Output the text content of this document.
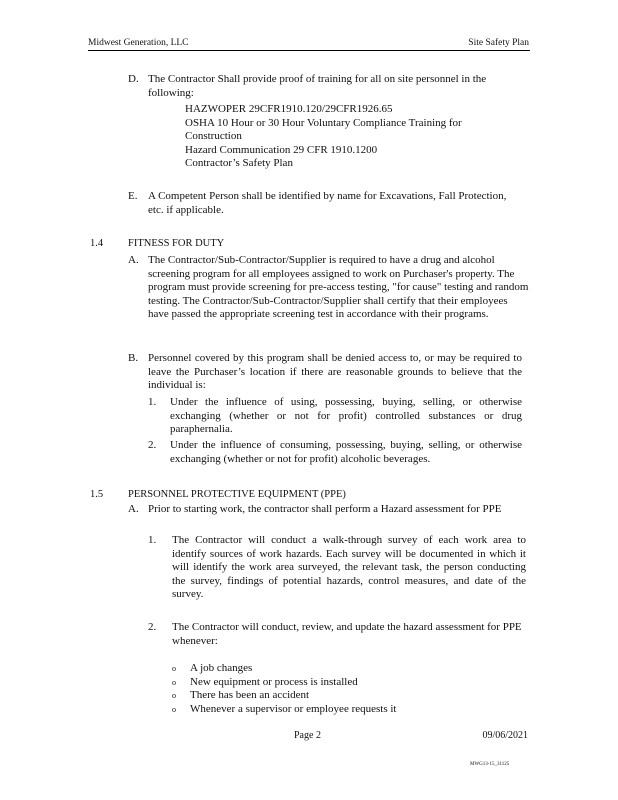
Midwest Generation, LLC	Site Safety Plan
D. The Contractor Shall provide proof of training for all on site personnel in the following:
HAZWOPER 29CFR1910.120/29CFR1926.65
OSHA 10 Hour or 30 Hour Voluntary Compliance Training for Construction
Hazard Communication 29 CFR 1910.1200
Contractor’s Safety Plan
E. A Competent Person shall be identified by name for Excavations, Fall Protection, etc. if applicable.
1.4 FITNESS FOR DUTY
A. The Contractor/Sub-Contractor/Supplier is required to have a drug and alcohol screening program for all employees assigned to work on Purchaser's property. The program must provide screening for pre-access testing, "for cause" testing and random testing. The Contractor/Sub-Contractor/Supplier shall certify that their employees have passed the appropriate screening test in accordance with their programs.
B. Personnel covered by this program shall be denied access to, or may be required to leave the Purchaser’s location if there are reasonable grounds to believe that the individual is:
1. Under the influence of using, possessing, buying, selling, or otherwise exchanging (whether or not for profit) controlled substances or drug paraphernalia.
2. Under the influence of consuming, possessing, buying, selling, or otherwise exchanging (whether or not for profit) alcoholic beverages.
1.5 PERSONNEL PROTECTIVE EQUIPMENT (PPE)
A. Prior to starting work, the contractor shall perform a Hazard assessment for PPE
1. The Contractor will conduct a walk-through survey of each work area to identify sources of work hazards. Each survey will be documented in which it will identify the work area surveyed, the relevant task, the person conducting the survey, findings of potential hazards, control measures, and date of the survey.
2. The Contractor will conduct, review, and update the hazard assessment for PPE whenever:
o A job changes
o New equipment or process is installed
o There has been an accident
o Whenever a supervisor or employee requests it
Page 2	09/06/2021
MWG13-15_31125
